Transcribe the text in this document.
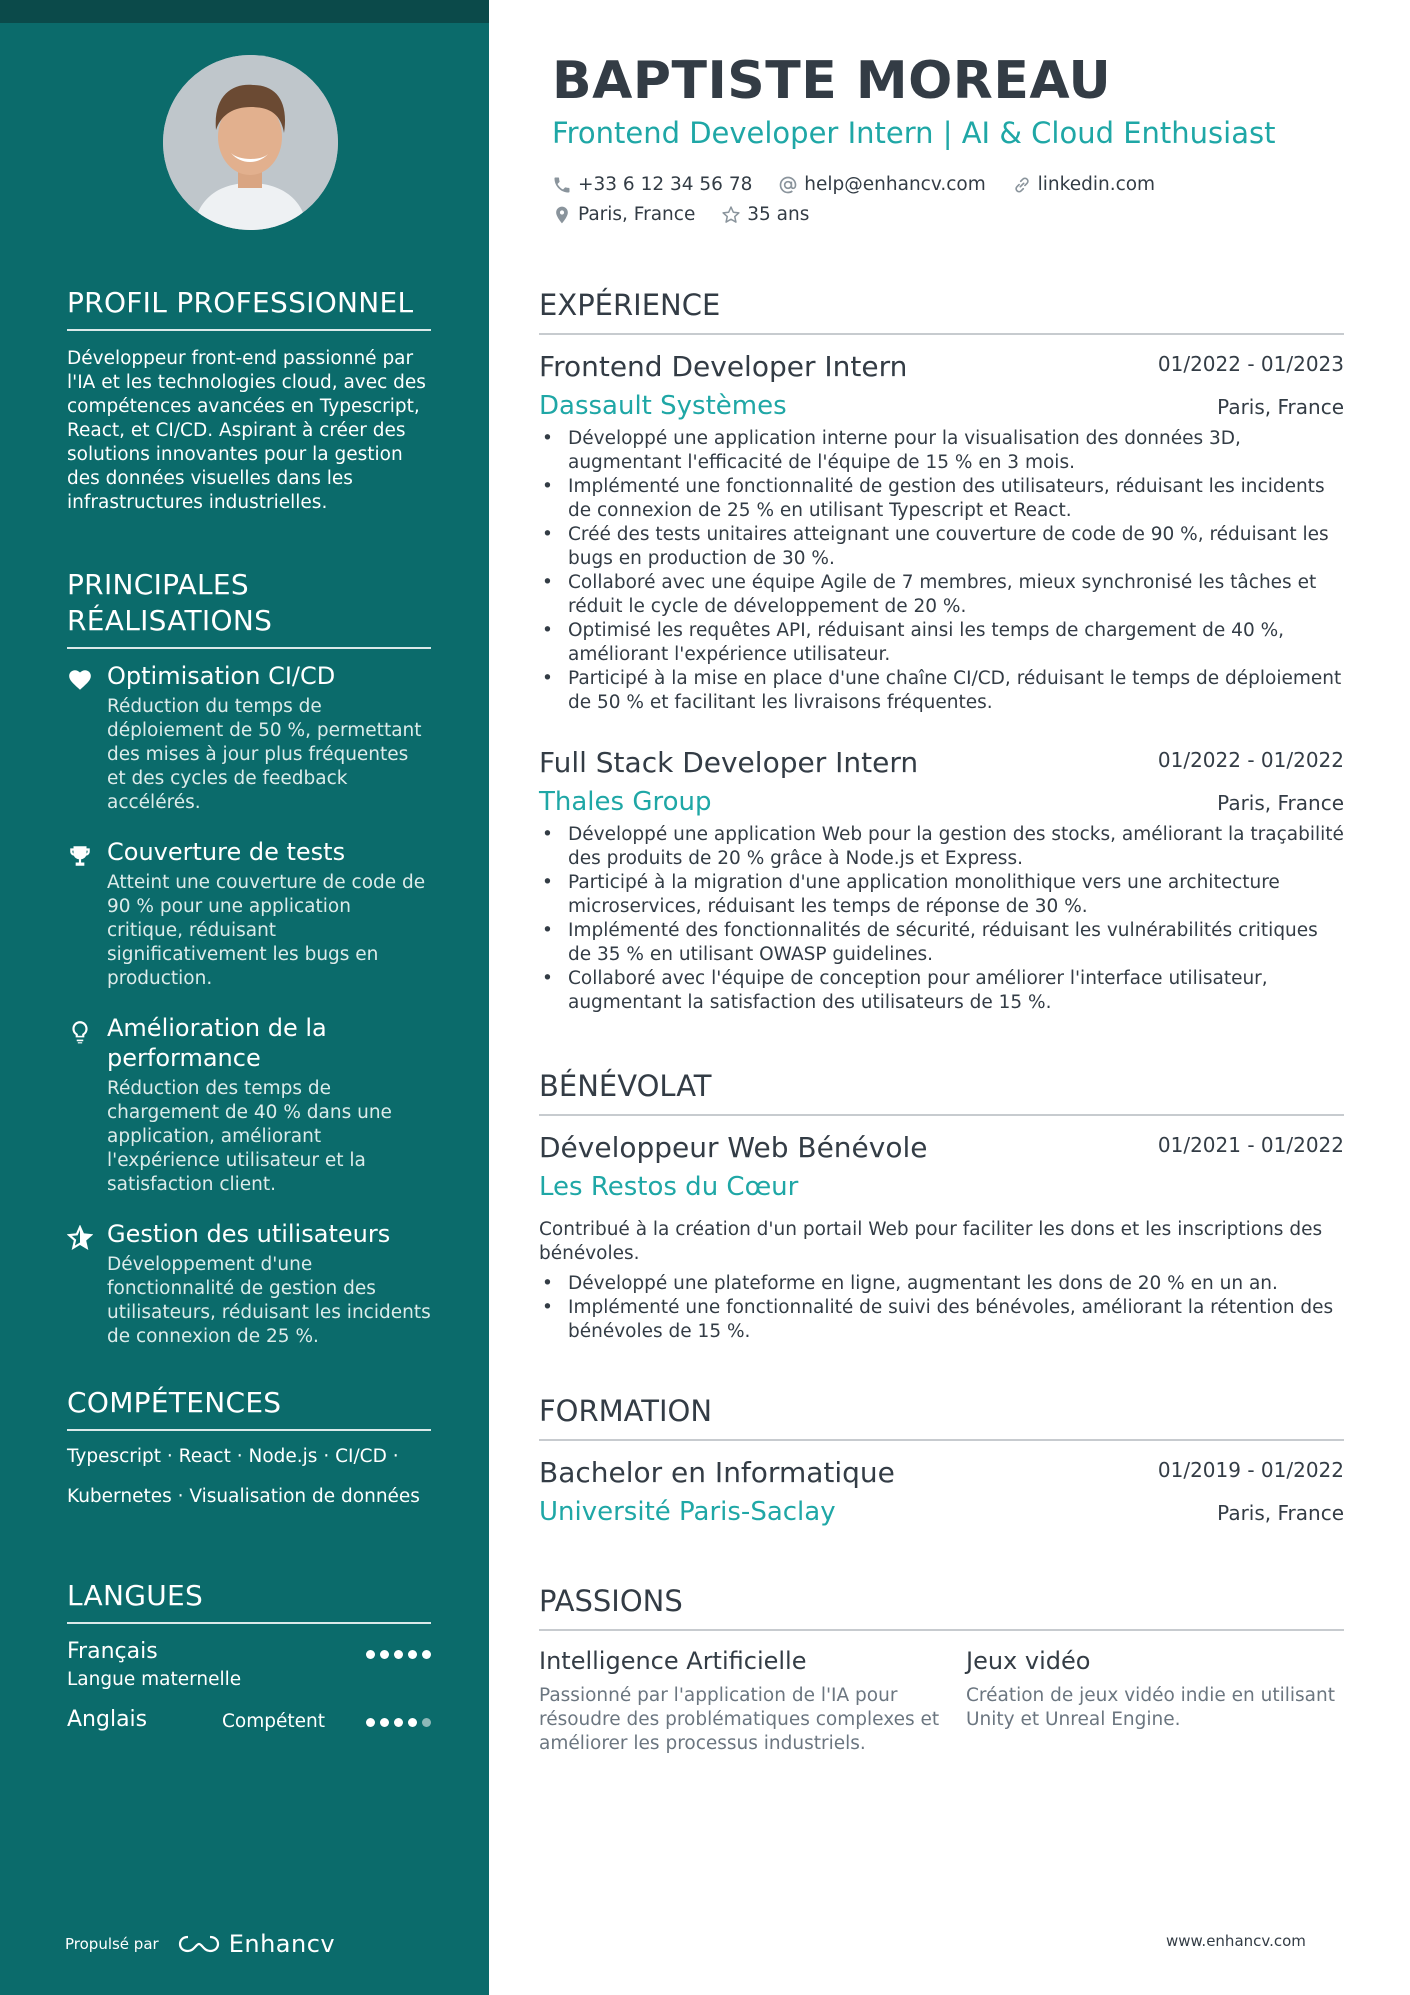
PROFIL PROFESSIONNEL
Développeur front-end passionné par l'IA et les technologies cloud, avec des compétences avancées en Typescript, React, et CI/CD. Aspirant à créer des solutions innovantes pour la gestion des données visuelles dans les infrastructures industrielles.
PRINCIPALES RÉALISATIONS
Optimisation CI/CD
Réduction du temps de déploiement de 50 %, permettant des mises à jour plus fréquentes et des cycles de feedback accélérés.
Couverture de tests
Atteint une couverture de code de 90 % pour une application critique, réduisant significativement les bugs en production.
Amélioration de la performance
Réduction des temps de chargement de 40 % dans une application, améliorant l'expérience utilisateur et la satisfaction client.
Gestion des utilisateurs
Développement d'une fonctionnalité de gestion des utilisateurs, réduisant les incidents de connexion de 25 %.
COMPÉTENCES
Typescript · React · Node.js · CI/CD ·
Kubernetes · Visualisation de données
LANGUES
Français
Langue maternelle
Anglais	Compétent
Propulsé par	Enhancv
BAPTISTE MOREAU
Frontend Developer Intern | AI & Cloud Enthusiast
+33 6 12 34 56 78
	help@enhancv.com
	linkedin.com

Paris, France
	35 ans
EXPÉRIENCE
Frontend Developer Intern	01/2022 - 01/2023
Dassault Systèmes	Paris, France
• Développé une application interne pour la visualisation des données 3D, augmentant l'efficacité de l'équipe de 15 % en 3 mois.
• Implémenté une fonctionnalité de gestion des utilisateurs, réduisant les incidents de connexion de 25 % en utilisant Typescript et React.
• Créé des tests unitaires atteignant une couverture de code de 90 %, réduisant les bugs en production de 30 %.
• Collaboré avec une équipe Agile de 7 membres, mieux synchronisé les tâches et réduit le cycle de développement de 20 %.
• Optimisé les requêtes API, réduisant ainsi les temps de chargement de 40 %, améliorant l'expérience utilisateur.
• Participé à la mise en place d'une chaîne CI/CD, réduisant le temps de déploiement de 50 % et facilitant les livraisons fréquentes.
Full Stack Developer Intern	01/2022 - 01/2022
Thales Group	Paris, France
• Développé une application Web pour la gestion des stocks, améliorant la traçabilité des produits de 20 % grâce à Node.js et Express.
• Participé à la migration d'une application monolithique vers une architecture microservices, réduisant les temps de réponse de 30 %.
• Implémenté des fonctionnalités de sécurité, réduisant les vulnérabilités critiques de 35 % en utilisant OWASP guidelines.
• Collaboré avec l'équipe de conception pour améliorer l'interface utilisateur, augmentant la satisfaction des utilisateurs de 15 %.
BÉNÉVOLAT
Développeur Web Bénévole	01/2021 - 01/2022
Les Restos du Cœur
Contribué à la création d'un portail Web pour faciliter les dons et les inscriptions des bénévoles.
• Développé une plateforme en ligne, augmentant les dons de 20 % en un an.
• Implémenté une fonctionnalité de suivi des bénévoles, améliorant la rétention des bénévoles de 15 %.
FORMATION
Bachelor en Informatique	01/2019 - 01/2022
Université Paris-Saclay	Paris, France
PASSIONS
Intelligence Artificielle
Passionné par l'application de l'IA pour résoudre des problématiques complexes et améliorer les processus industriels.
Jeux vidéo
Création de jeux vidéo indie en utilisant Unity et Unreal Engine.
www.enhancv.com
